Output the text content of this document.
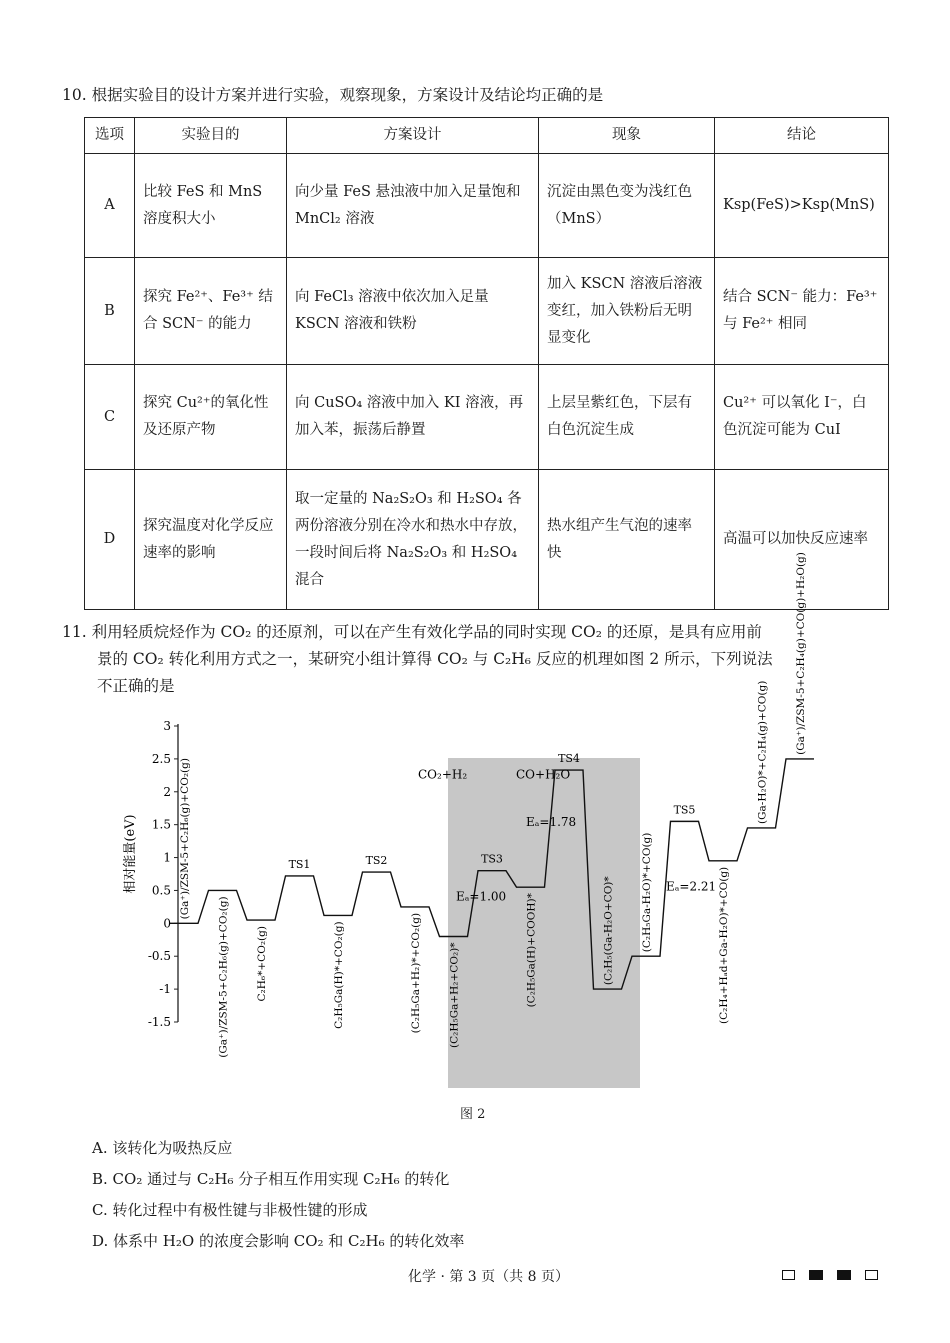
10. 根据实验目的设计方案并进行实验，观察现象，方案设计及结论均正确的是
选项	实验目的	方案设计	现象	结论
A	比较 FeS 和 MnS 溶度积大小	向少量 FeS 悬浊液中加入足量饱和 MnCl₂ 溶液	沉淀由黑色变为浅红色（MnS）	Ksp(FeS)>Ksp(MnS)
B	探究 Fe²⁺、Fe³⁺ 结合 SCN⁻ 的能力	向 FeCl₃ 溶液中依次加入足量 KSCN 溶液和铁粉	加入 KSCN 溶液后溶液变红，加入铁粉后无明显变化	结合 SCN⁻ 能力：Fe³⁺ 与 Fe²⁺ 相同
C	探究 Cu²⁺的氧化性及还原产物	向 CuSO₄ 溶液中加入 KI 溶液，再加入苯，振荡后静置	上层呈紫红色，下层有白色沉淀生成	Cu²⁺ 可以氧化 I⁻，白色沉淀可能为 CuI
D	探究温度对化学反应速率的影响	取一定量的 Na₂S₂O₃ 和 H₂SO₄ 各两份溶液分别在冷水和热水中存放，一段时间后将 Na₂S₂O₃ 和 H₂SO₄ 混合	热水组产生气泡的速率快	高温可以加快反应速率
11. 利用轻质烷烃作为 CO₂ 的还原剂，可以在产生有效化学品的同时实现 CO₂ 的还原，是具有应用前
景的 CO₂ 转化利用方式之一，某研究小组计算得 CO₂ 与 C₂H₆ 反应的机理如图 2 所示，下列说法
不正确的是
3
2.5
2
1.5
1
0.5
0
-0.5
-1
-1.5
相对能量(eV)	(Ga⁺)/ZSM-5+C₂H₆(g)+CO₂(g)
(Ga⁺)/ZSM-5+C₂H₆(g)+CO₂(g)	C₂H₆*+CO₂(g)
TS1
C₂H₅Ga(H)*+CO₂(g)
TS2
(C₂H₅Ga+H₂)*+CO₂(g)	(C₂H₅Ga+H₂+CO₂)*
TS3
(C₂H₅Ga(H)+COOH)*
TS4
(C₂H₅(Ga-H₂O+CO)*	(C₂H₅Ga-H₂O)*+CO(g)
TS5
(C₂H₄+Hₐd+Ga-H₂O)*+CO(g)
(Ga-H₂O)*+C₂H₄(g)+CO(g)	(Ga⁺)/ZSM-5+C₂H₄(g)+CO(g)+H₂O(g)
Eₐ=1.00
Eₐ=1.78
Eₐ=2.21
CO₂+H₂	CO+H₂O
图 2
A. 该转化为吸热反应
B. CO₂ 通过与 C₂H₆ 分子相互作用实现 C₂H₆ 的转化
C. 转化过程中有极性键与非极性键的形成
D. 体系中 H₂O 的浓度会影响 CO₂ 和 C₂H₆ 的转化效率
化学 · 第 3 页（共 8 页）
